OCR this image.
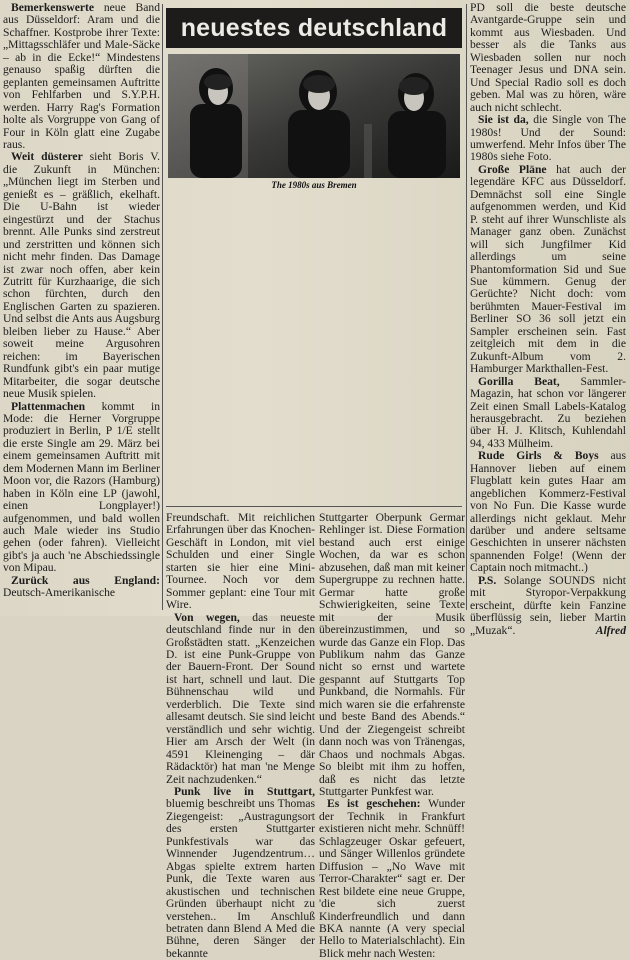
Bemerkenswerte neue Band aus Düsseldorf: Aram und die Schaffner. Kostprobe ihrer Texte: „Mittagsschläfer und Male-Säcke – ab in die Ecke!“ Mindestens genauso spaßig dürften die geplanten gemeinsamen Auftritte von Fehlfarben und S.Y.P.H. werden. Harry Rag's Formation holte als Vorgruppe von Gang of Four in Köln glatt eine Zugabe raus.

Weit düsterer sieht Boris V. die Zukunft in München: „München liegt im Sterben und genießt es – gräßlich, ekelhaft. Die U-Bahn ist wieder eingestürzt und der Stachus brennt. Alle Punks sind zerstreut und zerstritten und können sich nicht mehr finden. Das Damage ist zwar noch offen, aber kein Zutritt für Kurzhaarige, die sich schon fürchten, durch den Englischen Garten zu spazieren. Und selbst die Ants aus Augsburg bleiben lieber zu Hause.“ Aber soweit meine Argusohren reichen: im Bayerischen Rundfunk gibt's ein paar mutige Mitarbeiter, die sogar deutsche neue Musik spielen.

Plattenmachen kommt in Mode: die Herner Vorgruppe produziert in Berlin, P 1/E stellt die erste Single am 29. März bei einem gemeinsamen Auftritt mit dem Modernen Mann im Berliner Moon vor, die Razors (Hamburg) haben in Köln eine LP (jawohl, einen Longplayer!) aufgenommen, und bald wollen auch Male wieder ins Studio gehen (oder fahren). Vielleicht gibt's ja auch 'ne Abschiedssingle von Mipau.

Zurück aus England: Deutsch-Amerikanische

neuestes deutschland
The 1980s aus Bremen

Freundschaft. Mit reichlichen Erfahrungen über das Knochen-Geschäft in London, mit viel Schulden und einer Single starten sie hier eine Mini-Tournee. Noch vor dem Sommer geplant: eine Tour mit Wire.

Von wegen, das neueste deutschland finde nur in den Großstädten statt. „Kenzeichen D. ist eine Punk-Gruppe von der Bauern-Front. Der Sound ist hart, schnell und laut. Die Bühnenschau wild und verderblich. Die Texte sind allesamt deutsch. Sie sind leicht verständlich und sehr wichtig. Hier am Arsch der Welt (in 4591 Kleinenging – där Rädacktör) hat man 'ne Menge Zeit nachzudenken.“

Punk live in Stuttgart, bluemig beschreibt uns Thomas Ziegengeist: „Austragungsort des ersten Stuttgarter Punkfestivals war das Winnender Jugendzentrum… Abgas spielte extrem harten Punk, die Texte waren aus akustischen und technischen Gründen überhaupt nicht zu verstehen.. Im Anschluß betraten dann Blend A Med die Bühne, deren Sänger der bekannte

Stuttgarter Oberpunk Germar Rehlinger ist. Diese Formation bestand auch erst einige Wochen, da war es schon abzusehen, daß man mit keiner Supergruppe zu rechnen hatte. Germar hatte große Schwierigkeiten, seine Texte mit der Musik übereinzustimmen, und so wurde das Ganze ein Flop. Das Publikum nahm das Ganze nicht so ernst und wartete gespannt auf Stuttgarts Top Punkband, die Normahls. Für mich waren sie die erfahrenste und beste Band des Abends.“ Und der Ziegengeist schreibt dann noch was von Tränengas, Chaos und nochmals Abgas. So bleibt mit ihm zu hoffen, daß es nicht das letzte Stuttgarter Punkfest war.

Es ist geschehen: Wunder der Technik in Frankfurt existieren nicht mehr. Schnüff! Schlagzeuger Oskar gefeuert, und Sänger Willenlos gründete Diffusion – „No Wave mit Terror-Charakter“ sagt er. Der Rest bildete eine neue Gruppe, 'die sich zuerst Kinderfreundlich und dann BKA nannte (A very special Hello to Materialschlacht). Ein Blick mehr nach Westen:

PD soll die beste deutsche Avantgarde-Gruppe sein und kommt aus Wiesbaden. Und besser als die Tanks aus Wiesbaden sollen nur noch Teenager Jesus und DNA sein. Und Special Radio soll es doch geben. Mal was zu hören, wäre auch nicht schlecht.

Sie ist da, die Single von The 1980s! Und der Sound: umwerfend. Mehr Infos über The 1980s siehe Foto.

Große Pläne hat auch der legendäre KFC aus Düsseldorf. Demnächst soll eine Single aufgenommen werden, und Kid P. steht auf ihrer Wunschliste als Manager ganz oben. Zunächst will sich Jungfilmer Kid allerdings um seine Phantomformation Sid und Sue Sue kümmern. Genug der Gerüchte? Nicht doch: vom berühmten Mauer-Festival im Berliner SO 36 soll jetzt ein Sampler erscheinen sein. Fast zeitgleich mit dem in die Zukunft-Album vom 2. Hamburger Markthallen-Fest.

Gorilla Beat, Sammler-Magazin, hat schon vor längerer Zeit einen Small Labels-Katalog herausgebracht. Zu beziehen über H. J. Klitsch, Kuhlendahl 94, 433 Mülheim.

Rude Girls & Boys aus Hannover lieben auf einem Flugblatt kein gutes Haar am angeblichen Kommerz-Festival von No Fun. Die Kasse wurde allerdings nicht geklaut. Mehr darüber und andere seltsame Geschichten in unserer nächsten spannenden Folge! (Wenn der Captain noch mitmacht..)

P.S. Solange SOUNDS nicht mit Styropor-Verpakkung erscheint, dürfte kein Fanzine überflüssig sein, lieber Martin „Muzak“.	Alfred
